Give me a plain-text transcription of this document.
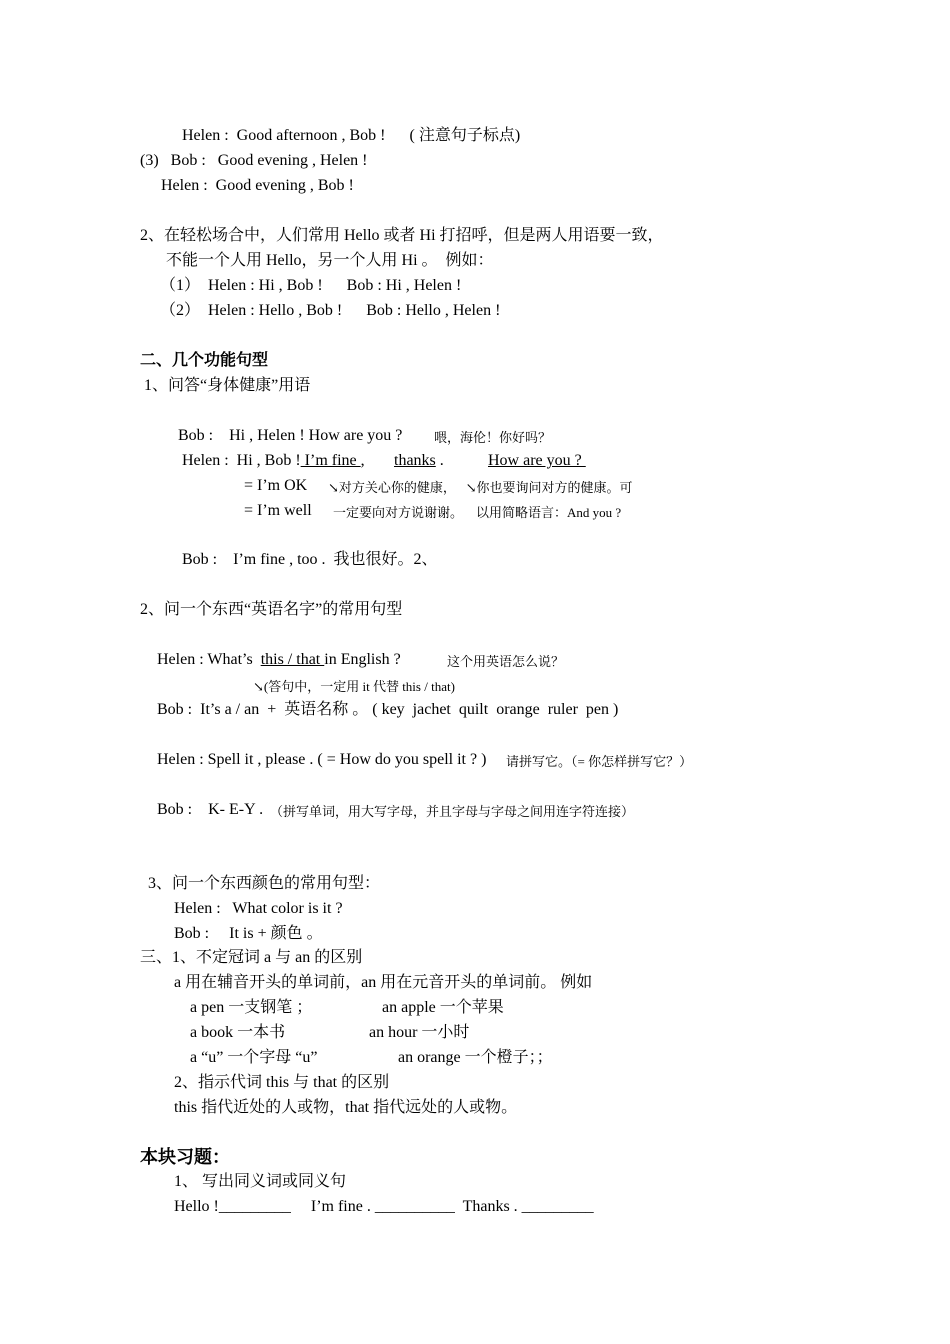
Helen :  Good afternoon , Bob !      ( 注意句子标点)
(3)   Bob :   Good evening , Helen !
Helen :  Good evening , Bob !
2、在轻松场合中，人们常用 Hello 或者 Hi 打招呼，但是两人用语要一致，
不能一个人用 Hello，另一个人用 Hi 。  例如：
（1）  Helen : Hi , Bob !      Bob : Hi , Helen !
（2）  Helen : Hello , Bob !      Bob : Hello , Helen !
二、几个功能句型
1、问答“身体健康”用语
Bob :    Hi , Helen ! How are you ? 喂，海伦！你好吗？
Helen :  Hi , Bob ! I’m fine , thanks .	How are you ?
= I’m OK ↘对方关心你的健康，   ↘你也要询问对方的健康。可
= I’m well 一定要向对方说谢谢。    以用简略语言：And you ?
Bob :    I’m fine , too .  我也很好。2、
2、问一个东西“英语名字”的常用句型
Helen : What’s this / that in English ?	这个用英语怎么说？
↘(答句中，一定用 it 代替 this / that)
Bob :  It’s a / an  +  英语名称 。 ( key  jachet  quilt  orange  ruler  pen )
Helen : Spell it , please . ( = How do you spell it ? ) 请拼写它。（= 你怎样拼写它？）
Bob :    K- E-Y . （拼写单词，用大写字母，并且字母与字母之间用连字符连接）
3、问一个东西颜色的常用句型：
Helen :   What color is it ?
Bob :     It is + 颜色 。
三、1、不定冠词 a 与 an 的区别
a 用在辅音开头的单词前，an 用在元音开头的单词前。 例如
a pen 一支钢笔 ；	an apple 一个苹果
a book 一本书	an hour 一小时
a “u” 一个字母 “u”	an orange 一个橙子；；
2、指示代词 this 与 that 的区别
this 指代近处的人或物，that 指代远处的人或物。
本块习题：
1、 写出同义词或同义句
Hello !_________     I’m fine . __________  Thanks . _________
